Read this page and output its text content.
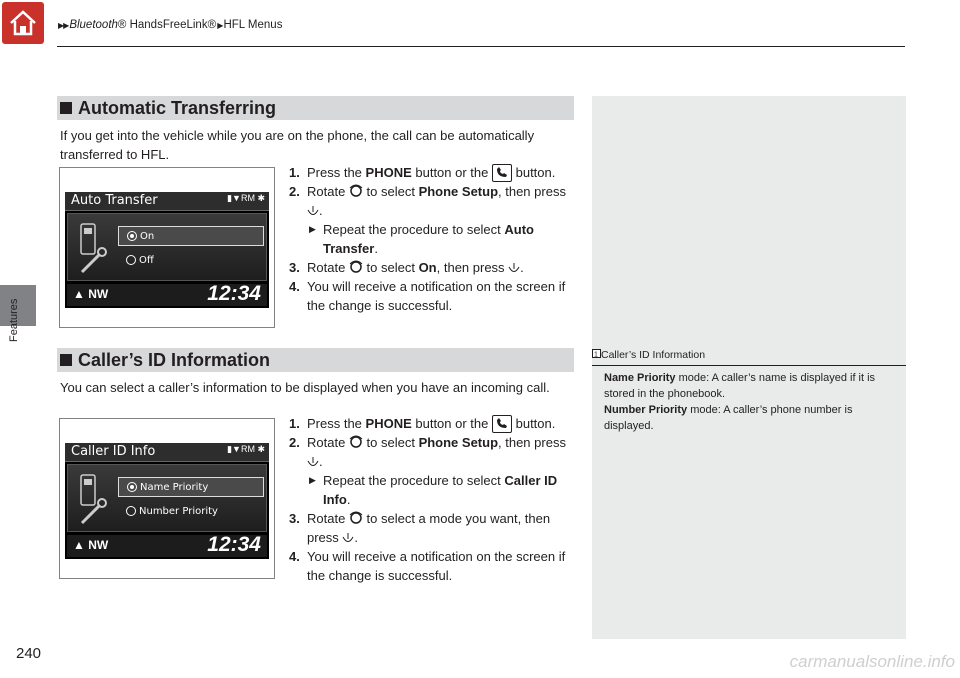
▶▶Bluetooth® HandsFreeLink® ▶HFL Menus
Features
1 Caller’s ID Information

Name Priority mode: A caller’s name is displayed if it is stored in the phonebook.

Number Priority mode: A caller’s phone number is displayed.

Automatic Transferring
If you get into the vehicle while you are on the phone, the call can be automatically transferred to HFL.
Auto Transfer	▮▼RM ✱
On
Off
▲ NW	12:34
1. Press the PHONE button or the  button.
2. Rotate  to select Phone Setup, then press .
▶ Repeat the procedure to select Auto Transfer.
3. Rotate  to select On, then press .
4. You will receive a notification on the screen if the change is successful.
Caller’s ID Information
You can select a caller’s information to be displayed when you have an incoming call.
Caller ID Info	▮▼RM ✱
Name Priority
Number Priority
▲ NW	12:34
1. Press the PHONE button or the  button.
2. Rotate  to select Phone Setup, then press .
▶ Repeat the procedure to select Caller ID Info.
3. Rotate  to select a mode you want, then press .
4. You will receive a notification on the screen if the change is successful.
240	carmanualsonline.info
